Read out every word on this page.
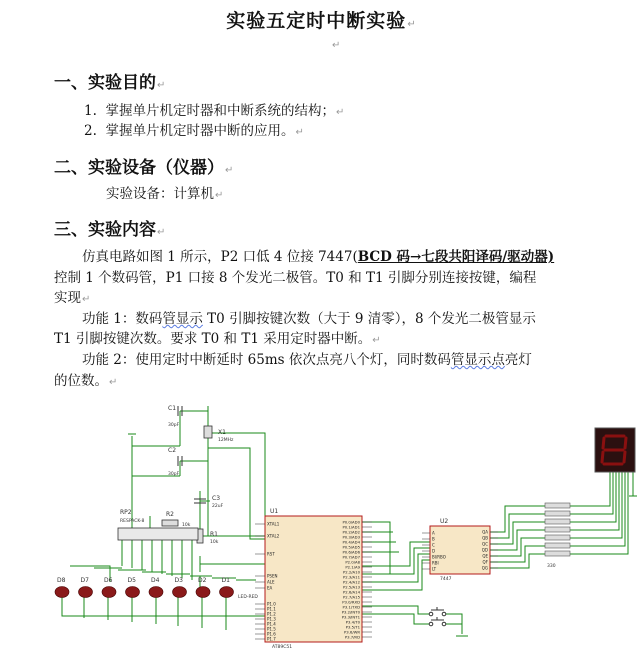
实验五定时中断实验↵
↵
一、实验目的↵
1. 掌握单片机定时器和中断系统的结构；↵
2. 掌握单片机定时器中断的应用。↵
二、实验设备（仪器）↵
实验设备：计算机↵
三、实验内容↵
仿真电路如图 1 所示，P2 口低 4 位接 7447(BCD 码→七段共阳译码/驱动器)
控制 1 个数码管，P1 口接 8 个发光二极管。T0 和 T1 引脚分别连接按键，编程
实现↵
功能 1：数码管显示 T0 引脚按键次数（大于 9 清零），8 个发光二极管显示
T1 引脚按键次数。要求 T0 和 T1 采用定时器中断。↵
功能 2：使用定时中断延时 65ms 依次点亮八个灯，同时数码管显示点亮灯
的位数。↵
C1
30pF
C2
30pF
X1
12MHz
C3
22uF
R1
10k
R2
10k
RP2
RESPACK-8
D8	D7	D6	D5	D4	D3	D2	D1
LED-RED
U1
AT89C51
XTAL1
XTAL2
RST
PSEN
ALE
EA
P1.0
P1.1
P1.2
P1.3
P1.4
P1.5
P1.6
P1.7
P0.0/AD0
P0.1/AD1
P0.2/AD2
P0.3/AD3
P0.4/AD4
P0.5/AD5
P0.6/AD6
P0.7/AD7
P2.0/A8
P2.1/A9
P2.2/A10
P2.3/A11
P2.4/A12
P2.5/A13
P2.6/A14
P2.7/A15
P3.0/RXD
P3.1/TXD
P3.2/INT0
P3.3/INT1
P3.4/T0
P3.5/T1
P3.6/WR
P3.7/RD
U2
7447
A
B
C
D
BI/RBO
RBI
LT
QA
QB
QC
QD
QE
QF
QG	330
